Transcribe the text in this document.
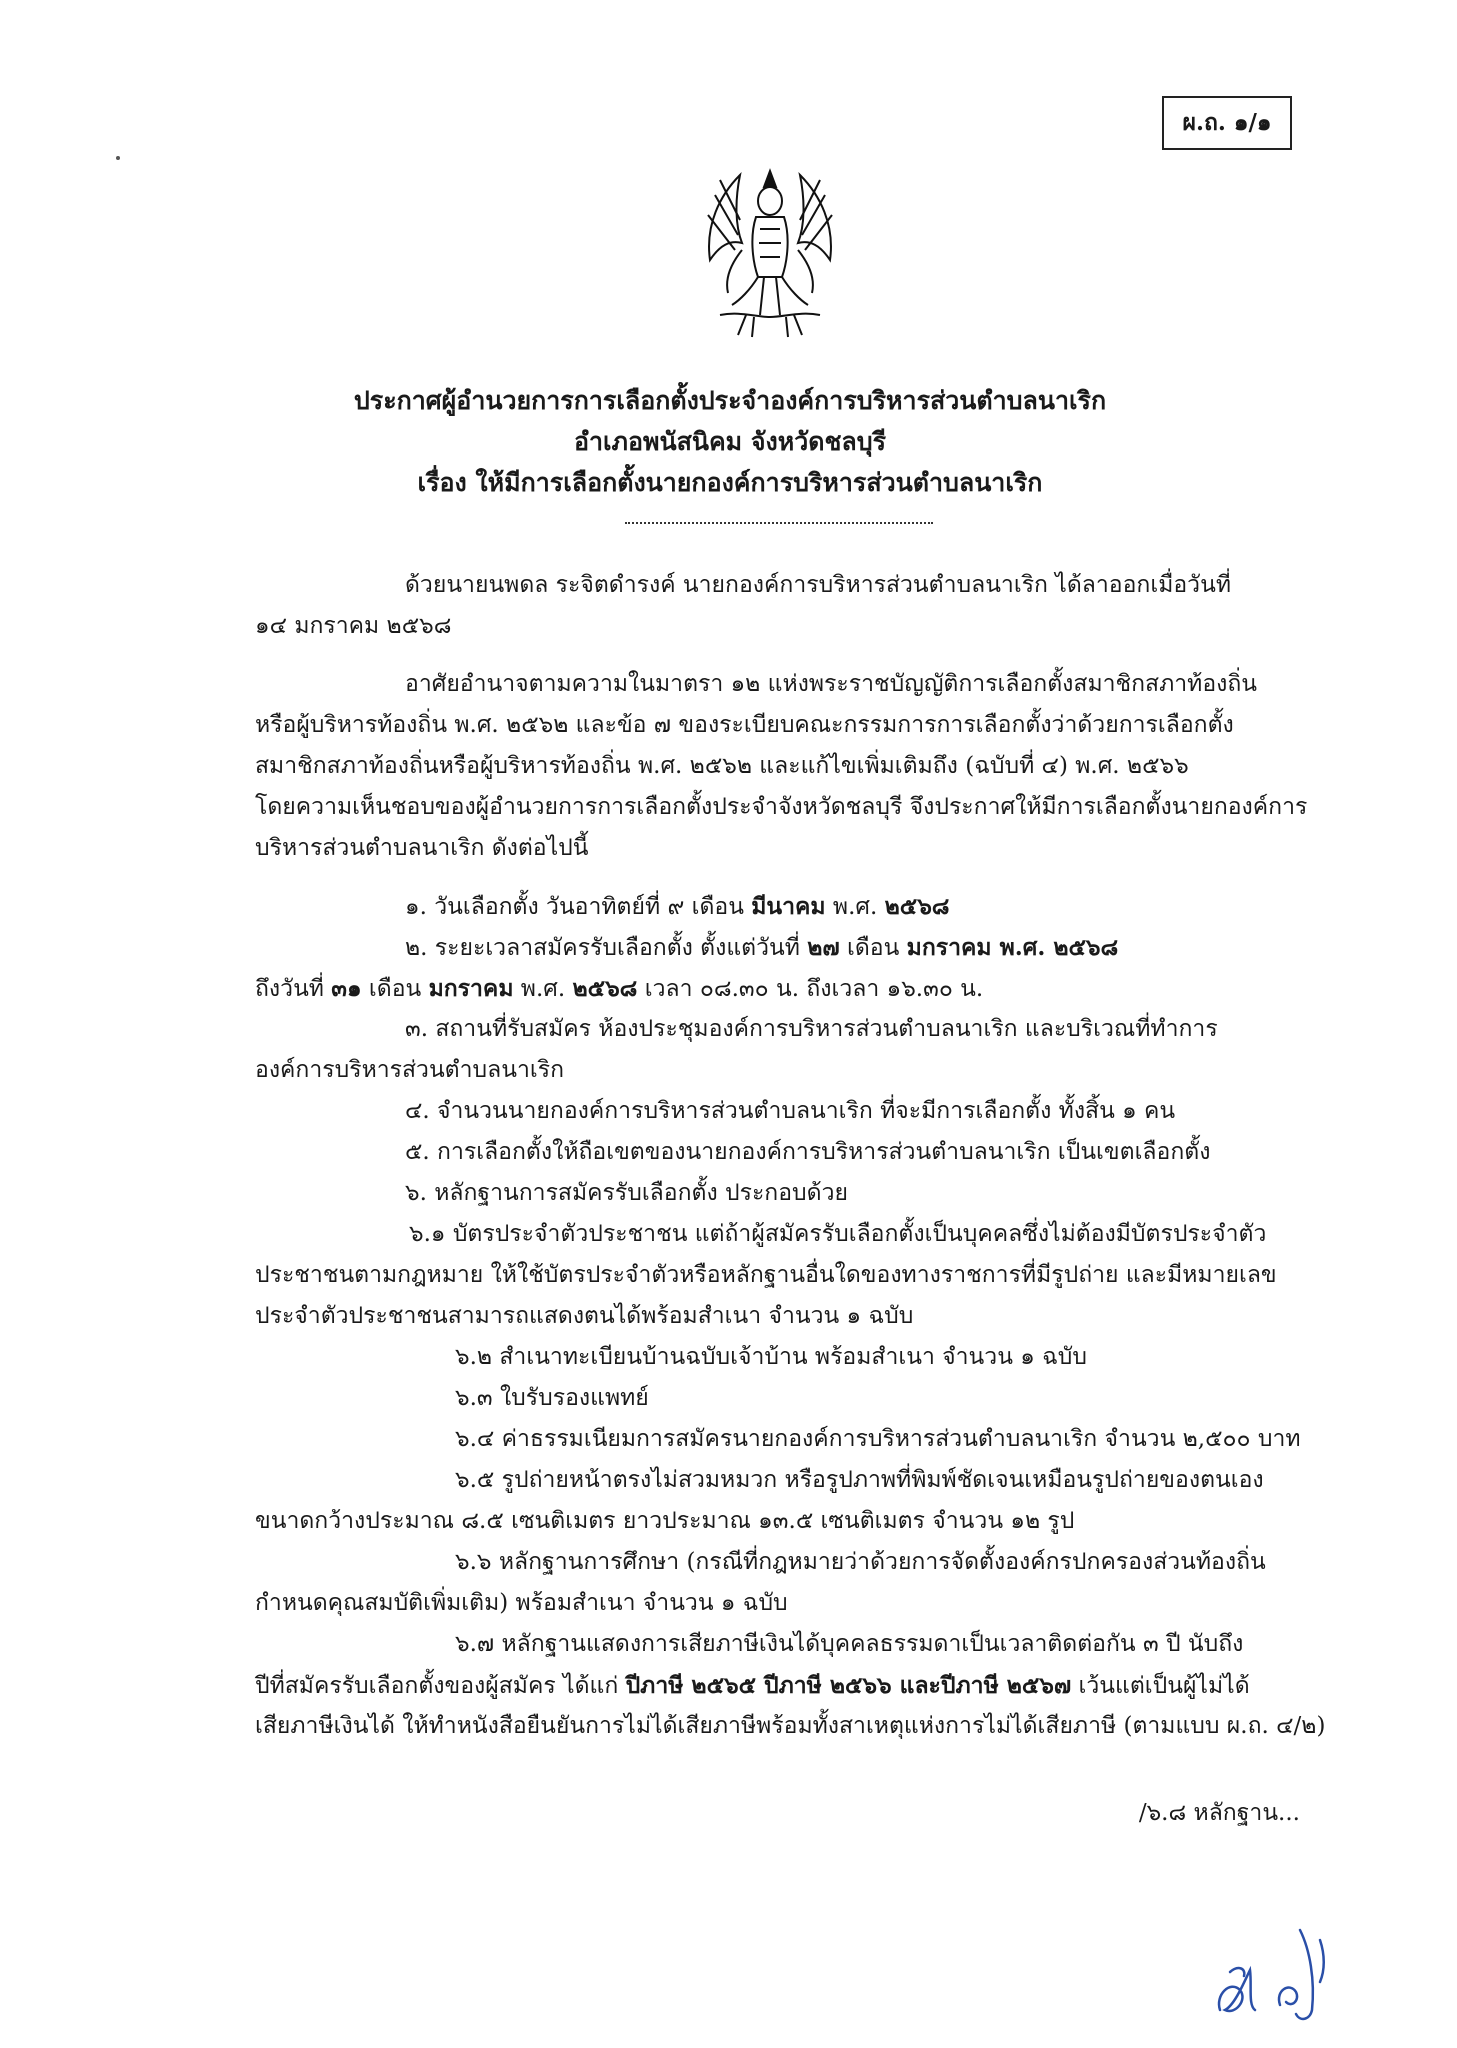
ผ.ถ. ๑/๑
ประกาศผู้อำนวยการการเลือกตั้งประจำองค์การบริหารส่วนตำบลนาเริก
อำเภอพนัสนิคม จังหวัดชลบุรี
เรื่อง ให้มีการเลือกตั้งนายกองค์การบริหารส่วนตำบลนาเริก
ด้วยนายนพดล ระจิตดำรงค์ นายกองค์การบริหารส่วนตำบลนาเริก ได้ลาออกเมื่อวันที่
๑๔ มกราคม ๒๕๖๘
อาศัยอำนาจตามความในมาตรา ๑๒ แห่งพระราชบัญญัติการเลือกตั้งสมาชิกสภาท้องถิ่น
หรือผู้บริหารท้องถิ่น พ.ศ. ๒๕๖๒ และข้อ ๗ ของระเบียบคณะกรรมการการเลือกตั้งว่าด้วยการเลือกตั้ง
สมาชิกสภาท้องถิ่นหรือผู้บริหารท้องถิ่น พ.ศ. ๒๕๖๒ และแก้ไขเพิ่มเติมถึง (ฉบับที่ ๔) พ.ศ. ๒๕๖๖
โดยความเห็นชอบของผู้อำนวยการการเลือกตั้งประจำจังหวัดชลบุรี จึงประกาศให้มีการเลือกตั้งนายกองค์การ
บริหารส่วนตำบลนาเริก ดังต่อไปนี้
๑. วันเลือกตั้ง วันอาทิตย์ที่ ๙ เดือน มีนาคม พ.ศ. ๒๕๖๘
๒. ระยะเวลาสมัครรับเลือกตั้ง ตั้งแต่วันที่ ๒๗ เดือน มกราคม พ.ศ. ๒๕๖๘
ถึงวันที่ ๓๑ เดือน มกราคม พ.ศ. ๒๕๖๘ เวลา ๐๘.๓๐ น. ถึงเวลา ๑๖.๓๐ น.
๓. สถานที่รับสมัคร ห้องประชุมองค์การบริหารส่วนตำบลนาเริก และบริเวณที่ทำการ
องค์การบริหารส่วนตำบลนาเริก
๔. จำนวนนายกองค์การบริหารส่วนตำบลนาเริก ที่จะมีการเลือกตั้ง ทั้งสิ้น ๑ คน
๕. การเลือกตั้งให้ถือเขตของนายกองค์การบริหารส่วนตำบลนาเริก เป็นเขตเลือกตั้ง
๖. หลักฐานการสมัครรับเลือกตั้ง ประกอบด้วย
๖.๑ บัตรประจำตัวประชาชน แต่ถ้าผู้สมัครรับเลือกตั้งเป็นบุคคลซึ่งไม่ต้องมีบัตรประจำตัว
ประชาชนตามกฎหมาย ให้ใช้บัตรประจำตัวหรือหลักฐานอื่นใดของทางราชการที่มีรูปถ่าย และมีหมายเลข
ประจำตัวประชาชนสามารถแสดงตนได้พร้อมสำเนา จำนวน ๑ ฉบับ
๖.๒ สำเนาทะเบียนบ้านฉบับเจ้าบ้าน พร้อมสำเนา จำนวน ๑ ฉบับ
๖.๓ ใบรับรองแพทย์
๖.๔ ค่าธรรมเนียมการสมัครนายกองค์การบริหารส่วนตำบลนาเริก จำนวน ๒,๕๐๐ บาท
๖.๕ รูปถ่ายหน้าตรงไม่สวมหมวก หรือรูปภาพที่พิมพ์ชัดเจนเหมือนรูปถ่ายของตนเอง
ขนาดกว้างประมาณ ๘.๕ เซนติเมตร ยาวประมาณ ๑๓.๕ เซนติเมตร จำนวน ๑๒ รูป
๖.๖ หลักฐานการศึกษา (กรณีที่กฎหมายว่าด้วยการจัดตั้งองค์กรปกครองส่วนท้องถิ่น
กำหนดคุณสมบัติเพิ่มเติม) พร้อมสำเนา จำนวน ๑ ฉบับ
๖.๗ หลักฐานแสดงการเสียภาษีเงินได้บุคคลธรรมดาเป็นเวลาติดต่อกัน ๓ ปี นับถึง
ปีที่สมัครรับเลือกตั้งของผู้สมัคร ได้แก่ ปีภาษี ๒๕๖๕ ปีภาษี ๒๕๖๖ และปีภาษี ๒๕๖๗ เว้นแต่เป็นผู้ไม่ได้
เสียภาษีเงินได้ ให้ทำหนังสือยืนยันการไม่ได้เสียภาษีพร้อมทั้งสาเหตุแห่งการไม่ได้เสียภาษี (ตามแบบ ผ.ถ. ๔/๒)
/๖.๘ หลักฐาน...
